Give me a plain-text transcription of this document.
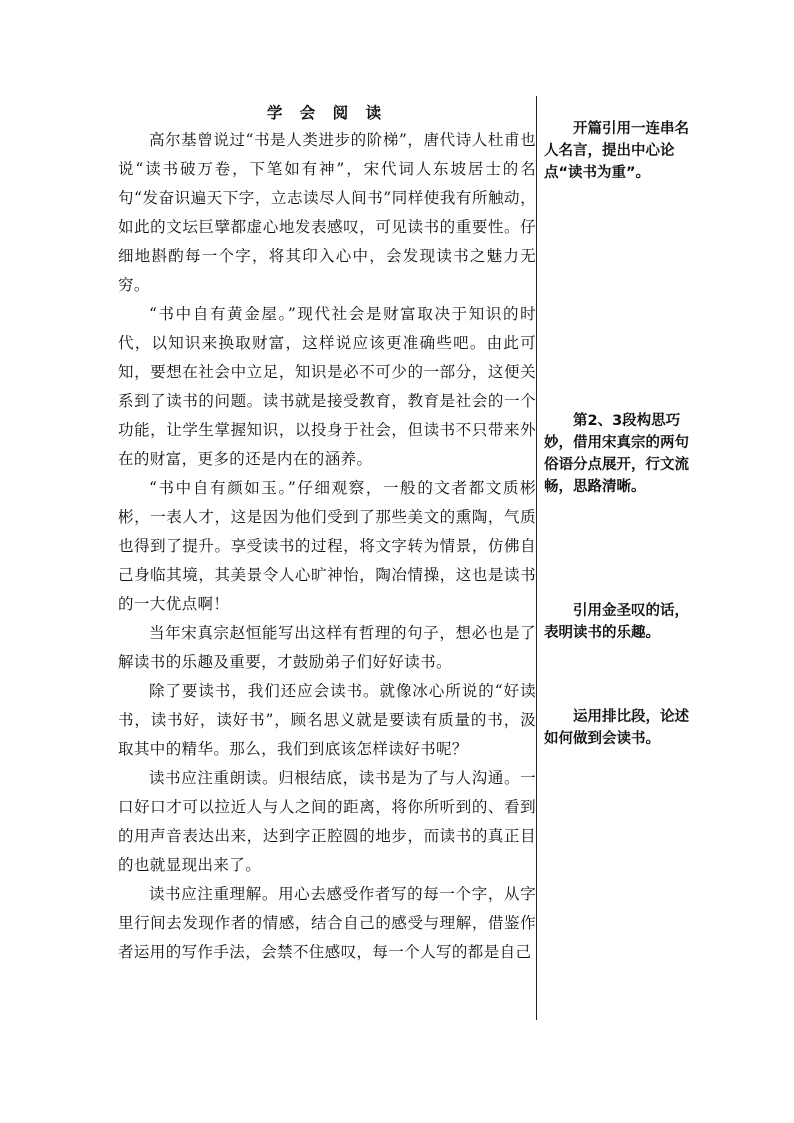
学 会 阅 读

高尔基曾说过“书是人类进步的阶梯”，唐代诗人杜甫也说“读书破万卷，下笔如有神”，宋代词人东坡居士的名句“发奋识遍天下字，立志读尽人间书”同样使我有所触动，如此的文坛巨擘都虚心地发表感叹，可见读书的重要性。仔细地斟酌每一个字，将其印入心中，会发现读书之魅力无穷。

“书中自有黄金屋。”现代社会是财富取决于知识的时代，以知识来换取财富，这样说应该更准确些吧。由此可知，要想在社会中立足，知识是必不可少的一部分，这便关系到了读书的问题。读书就是接受教育，教育是社会的一个功能，让学生掌握知识，以投身于社会，但读书不只带来外在的财富，更多的还是内在的涵养。

“书中自有颜如玉。”仔细观察，一般的文者都文质彬彬，一表人才，这是因为他们受到了那些美文的熏陶，气质也得到了提升。享受读书的过程，将文字转为情景，仿佛自己身临其境，其美景令人心旷神怡，陶冶情操，这也是读书的一大优点啊！

当年宋真宗赵恒能写出这样有哲理的句子，想必也是了解读书的乐趣及重要，才鼓励弟子们好好读书。

除了要读书，我们还应会读书。就像冰心所说的“好读书，读书好，读好书”，顾名思义就是要读有质量的书，汲取其中的精华。那么，我们到底该怎样读好书呢？

读书应注重朗读。归根结底，读书是为了与人沟通。一口好口才可以拉近人与人之间的距离，将你所听到的、看到的用声音表达出来，达到字正腔圆的地步，而读书的真正目的也就显现出来了。

读书应注重理解。用心去感受作者写的每一个字，从字里行间去发现作者的情感，结合自己的感受与理解，借鉴作者运用的写作手法，会禁不住感叹，每一个人写的都是自己

开篇引用一连串名人名言，提出中心论点“读书为重”。
第2、3段构思巧妙，借用宋真宗的两句俗语分点展开，行文流畅，思路清晰。
引用金圣叹的话，表明读书的乐趣。
运用排比段，论述如何做到会读书。
